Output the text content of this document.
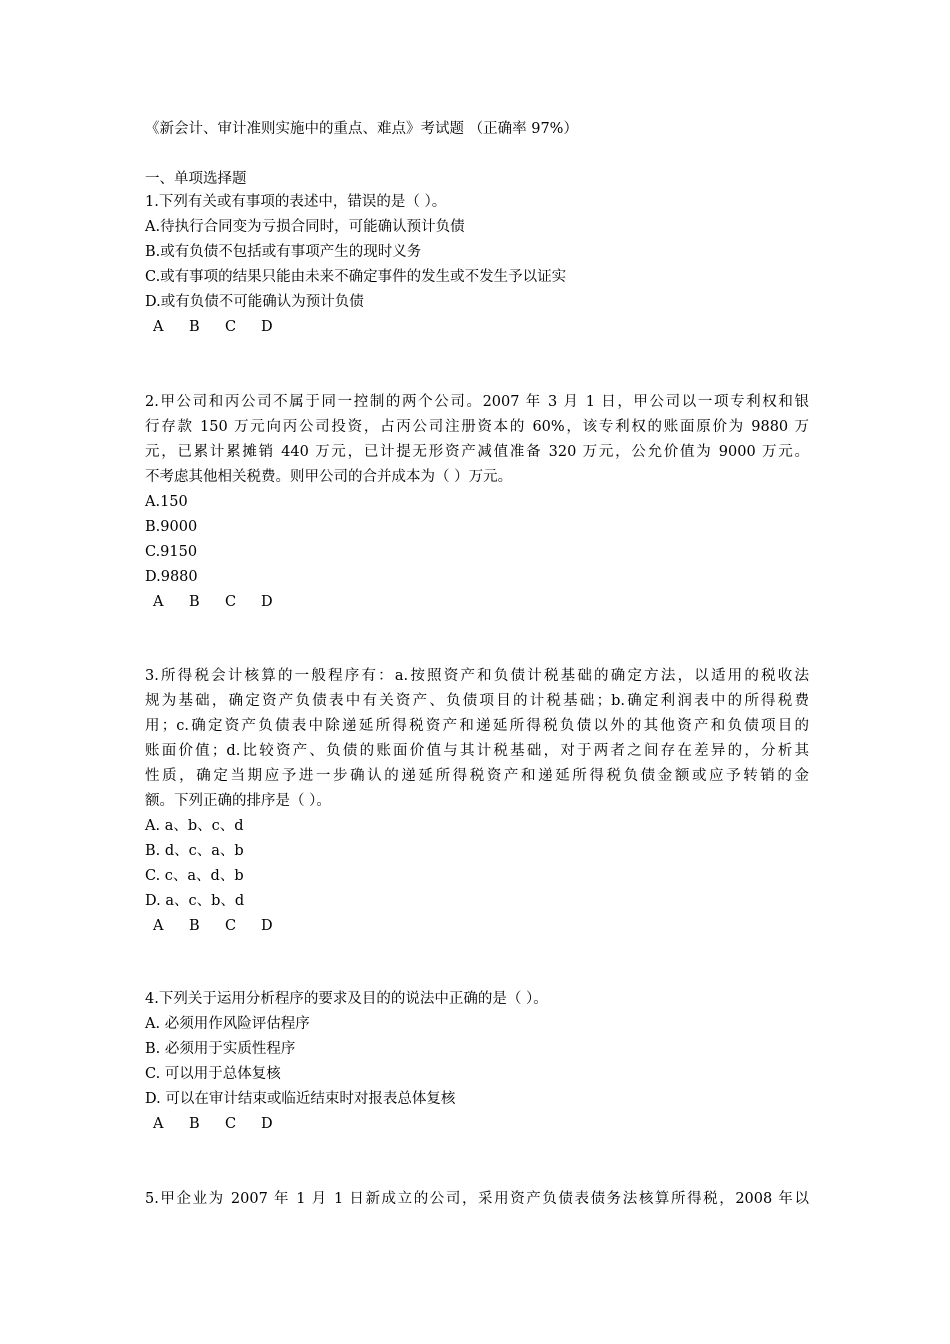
《新会计、审计准则实施中的重点、难点》考试题 （正确率 97%）
一、单项选择题
1.下列有关或有事项的表述中，错误的是（ ）。
A.待执行合同变为亏损合同时，可能确认预计负债
B.或有负债不包括或有事项产生的现时义务
C.或有事项的结果只能由未来不确定事件的发生或不发生予以证实
D.或有负债不可能确认为预计负债
A B C D
2.甲公司和丙公司不属于同一控制的两个公司。2007 年 3 月 1 日，甲公司以一项专利权和银
行存款 150 万元向丙公司投资，占丙公司注册资本的 60%，该专利权的账面原价为 9880 万
元，已累计累摊销 440 万元，已计提无形资产减值准备 320 万元，公允价值为 9000 万元。
不考虑其他相关税费。则甲公司的合并成本为（ ）万元。
A.150
B.9000
C.9150
D.9880
A B C D
3.所得税会计核算的一般程序有：a.按照资产和负债计税基础的确定方法，以适用的税收法
规为基础，确定资产负债表中有关资产、负债项目的计税基础；b.确定利润表中的所得税费
用；c.确定资产负债表中除递延所得税资产和递延所得税负债以外的其他资产和负债项目的
账面价值；d.比较资产、负债的账面价值与其计税基础，对于两者之间存在差异的，分析其
性质，确定当期应予进一步确认的递延所得税资产和递延所得税负债金额或应予转销的金
额。下列正确的排序是（ ）。
A. a、b、c、d
B. d、c、a、b
C. c、a、d、b
D. a、c、b、d
A B C D
4.下列关于运用分析程序的要求及目的的说法中正确的是（ ）。
A. 必须用作风险评估程序
B. 必须用于实质性程序
C. 可以用于总体复核
D. 可以在审计结束或临近结束时对报表总体复核
A B C D
5.甲企业为 2007 年 1 月 1 日新成立的公司，采用资产负债表债务法核算所得税，2008 年以
